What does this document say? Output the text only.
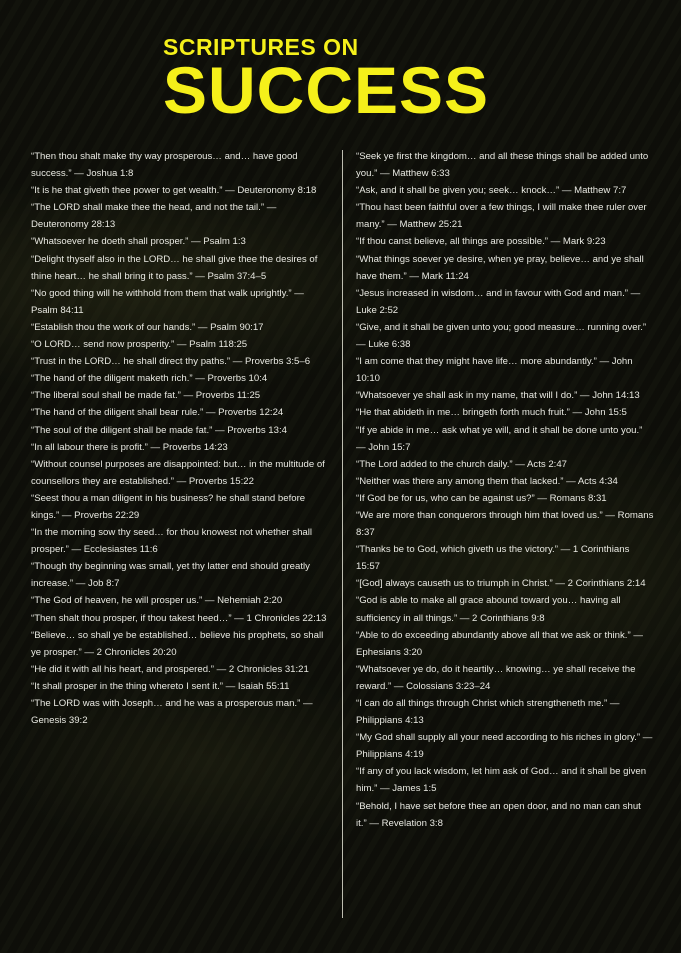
SCRIPTURES ON
SUCCESS

“Then thou shalt make thy way prosperous… and… have good success.” — Joshua 1:8

“It is he that giveth thee power to get wealth.” — Deuteronomy 8:18

“The LORD shall make thee the head, and not the tail.” — Deuteronomy 28:13

“Whatsoever he doeth shall prosper.” — Psalm 1:3

“Delight thyself also in the LORD… he shall give thee the desires of thine heart… he shall bring it to pass.” — Psalm 37:4–5

“No good thing will he withhold from them that walk uprightly.” — Psalm 84:11

“Establish thou the work of our hands.” — Psalm 90:17

“O LORD… send now prosperity.” — Psalm 118:25

“Trust in the LORD… he shall direct thy paths.” — Proverbs 3:5–6

“The hand of the diligent maketh rich.” — Proverbs 10:4

“The liberal soul shall be made fat.” — Proverbs 11:25

“The hand of the diligent shall bear rule.” — Proverbs 12:24

“The soul of the diligent shall be made fat.” — Proverbs 13:4

“In all labour there is profit.” — Proverbs 14:23

“Without counsel purposes are disappointed: but… in the multitude of counsellors they are established.” — Proverbs 15:22

“Seest thou a man diligent in his business? he shall stand before kings.” — Proverbs 22:29

“In the morning sow thy seed… for thou knowest not whether shall prosper.” — Ecclesiastes 11:6

“Though thy beginning was small, yet thy latter end should greatly increase.” — Job 8:7

“The God of heaven, he will prosper us.” — Nehemiah 2:20

“Then shalt thou prosper, if thou takest heed…” — 1 Chronicles 22:13

“Believe… so shall ye be established… believe his prophets, so shall ye prosper.” — 2 Chronicles 20:20

“He did it with all his heart, and prospered.” — 2 Chronicles 31:21

“It shall prosper in the thing whereto I sent it.” — Isaiah 55:11

“The LORD was with Joseph… and he was a prosperous man.” — Genesis 39:2

“Seek ye first the kingdom… and all these things shall be added unto you.” — Matthew 6:33

“Ask, and it shall be given you; seek… knock…” — Matthew 7:7

“Thou hast been faithful over a few things, I will make thee ruler over many.” — Matthew 25:21

“If thou canst believe, all things are possible.” — Mark 9:23

“What things soever ye desire, when ye pray, believe… and ye shall have them.” — Mark 11:24

“Jesus increased in wisdom… and in favour with God and man.” — Luke 2:52

“Give, and it shall be given unto you; good measure… running over.” — Luke 6:38

“I am come that they might have life… more abundantly.” — John 10:10

“Whatsoever ye shall ask in my name, that will I do.” — John 14:13

“He that abideth in me… bringeth forth much fruit.” — John 15:5

“If ye abide in me… ask what ye will, and it shall be done unto you.” — John 15:7

“The Lord added to the church daily.” — Acts 2:47

“Neither was there any among them that lacked.” — Acts 4:34

“If God be for us, who can be against us?” — Romans 8:31

“We are more than conquerors through him that loved us.” — Romans 8:37

“Thanks be to God, which giveth us the victory.” — 1 Corinthians 15:57

“[God] always causeth us to triumph in Christ.” — 2 Corinthians 2:14

“God is able to make all grace abound toward you… having all sufficiency in all things.” — 2 Corinthians 9:8

“Able to do exceeding abundantly above all that we ask or think.” — Ephesians 3:20

“Whatsoever ye do, do it heartily… knowing… ye shall receive the reward.” — Colossians 3:23–24

“I can do all things through Christ which strengtheneth me.” — Philippians 4:13

“My God shall supply all your need according to his riches in glory.” — Philippians 4:19

“If any of you lack wisdom, let him ask of God… and it shall be given him.” — James 1:5

“Behold, I have set before thee an open door, and no man can shut it.” — Revelation 3:8
